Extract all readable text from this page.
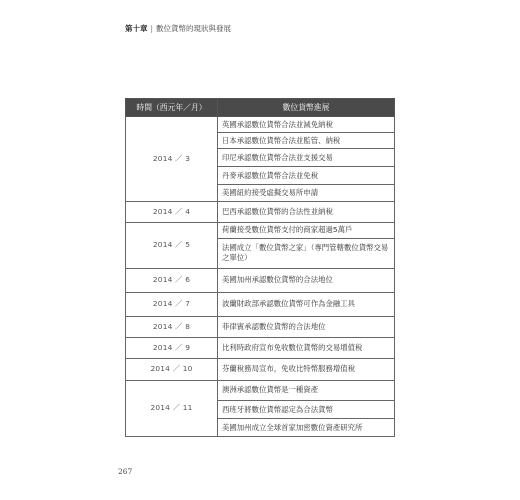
第十章 | 數位貨幣的現狀與發展
時間（西元年／月）	數位貨幣進展
2014 ／ 3	英國承認數位貨幣合法並減免納稅
	日本承認數位貨幣合法並監管、納稅
	印尼承認數位貨幣合法並支援交易
	丹麥承認數位貨幣合法並免稅
	美國紐約接受虛擬交易所申請
2014 ／ 4	巴西承認數位貨幣的合法性並納稅
2014 ／ 5	荷蘭接受數位貨幣支付的商家超過5萬戶
	法國成立「數位貨幣之家」（專門管轄數位貨幣交易之單位）
2014 ／ 6	美國加州承認數位貨幣的合法地位
2014 ／ 7	波蘭財政部承認數位貨幣可作為金融工具
2014 ／ 8	菲律賓承認數位貨幣的合法地位
2014 ／ 9	比利時政府宣布免收數位貨幣的交易增值稅
2014 ／ 10	芬蘭稅務局宣布，免收比特幣服務增值稅
2014 ／ 11	澳洲承認數位貨幣是一種資產
	西班牙將數位貨幣認定為合法貨幣
	美國加州成立全球首家加密數位資產研究所
267
